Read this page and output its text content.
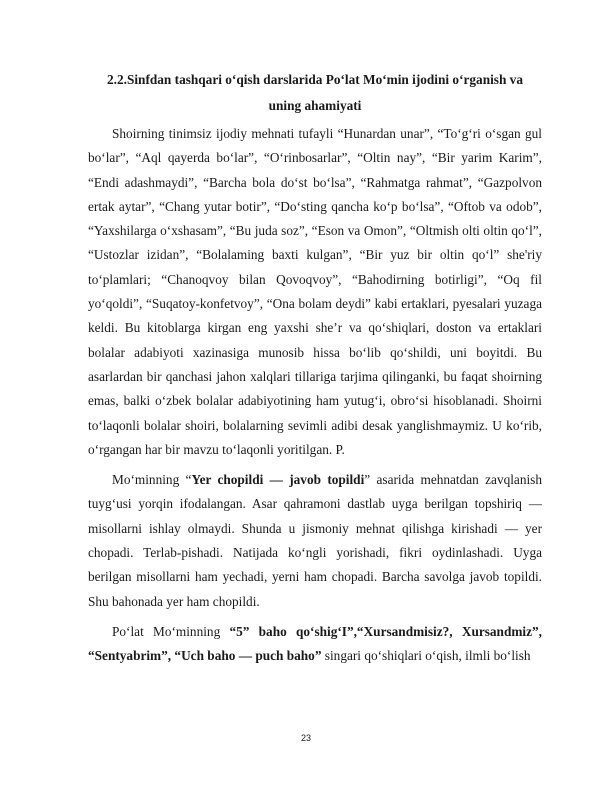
2.2.Sinfdan tashqari o‘qish darslarida Po‘lat Mo‘min ijodini o‘rganish va
uning ahamiyati

Shoirning tinimsiz ijodiy mehnati tufayli “Hunardan unar”, “To‘g‘ri o‘sgan gul bo‘lar”, “Aql qayerda bo‘lar”, “O‘rinbosarlar”, “Oltin nay”, “Bir yarim Karim”, “Endi adashmaydi”, “Barcha bola do‘st bo‘lsa”, “Rahmatga rahmat”, “Gazpolvon ertak aytar”, “Chang yutar botir”, “Do‘sting qancha ko‘p bo‘lsa”, “Oftob va odob”, “Yaxshilarga o‘xshasam”, “Bu juda soz”, “Eson va Omon”, “Oltmish olti oltin qo‘l”, “Ustozlar izidan”, “Bolalaming baxti kulgan”, “Bir yuz bir oltin qo‘l” she'riy to‘plamlari; “Chanoqvoy bilan Qovoqvoy”, “Bahodirning botirligi”, “Oq fil yo‘qoldi”, “Suqatoy-konfetvoy”, “Ona bolam deydi” kabi ertaklari, pyesalari yuzaga keldi. Bu kitoblarga kirgan eng yaxshi she’r va qo‘shiqlari, doston va ertaklari bolalar adabiyoti xazinasiga munosib hissa bo‘lib qo‘shildi, uni boyitdi. Bu asarlardan bir qanchasi jahon xalqlari tillariga tarjima qilinganki, bu faqat shoirning emas, balki o‘zbek bolalar adabiyotining ham yutug‘i, obro‘si hisoblanadi. Shoirni to‘laqonli bolalar shoiri, bolalarning sevimli adibi desak yanglishmaymiz. U ko‘rib, o‘rgangan har bir mavzu to‘laqonli yoritilgan. P.

Mo‘minning “Yer chopildi — javob topildi” asarida mehnatdan zavqlanish tuyg‘usi yorqin ifodalangan. Asar qahramoni dastlab uyga berilgan topshiriq — misollarni ishlay olmaydi. Shunda u jismoniy mehnat qilishga kirishadi — yer chopadi. Terlab-pishadi. Natijada ko‘ngli yorishadi, fikri oydinlashadi. Uyga berilgan misollarni ham yechadi, yerni ham chopadi. Barcha savolga javob topildi. Shu bahonada yer ham chopildi.

Po‘lat Mo‘minning “5” baho qo‘shig‘I”,“Xursandmisiz?, Xursandmiz”, “Sentyabrim”, “Uch baho — puch baho” singari qo‘shiqlari o‘qish, ilmli bo‘lish

23
